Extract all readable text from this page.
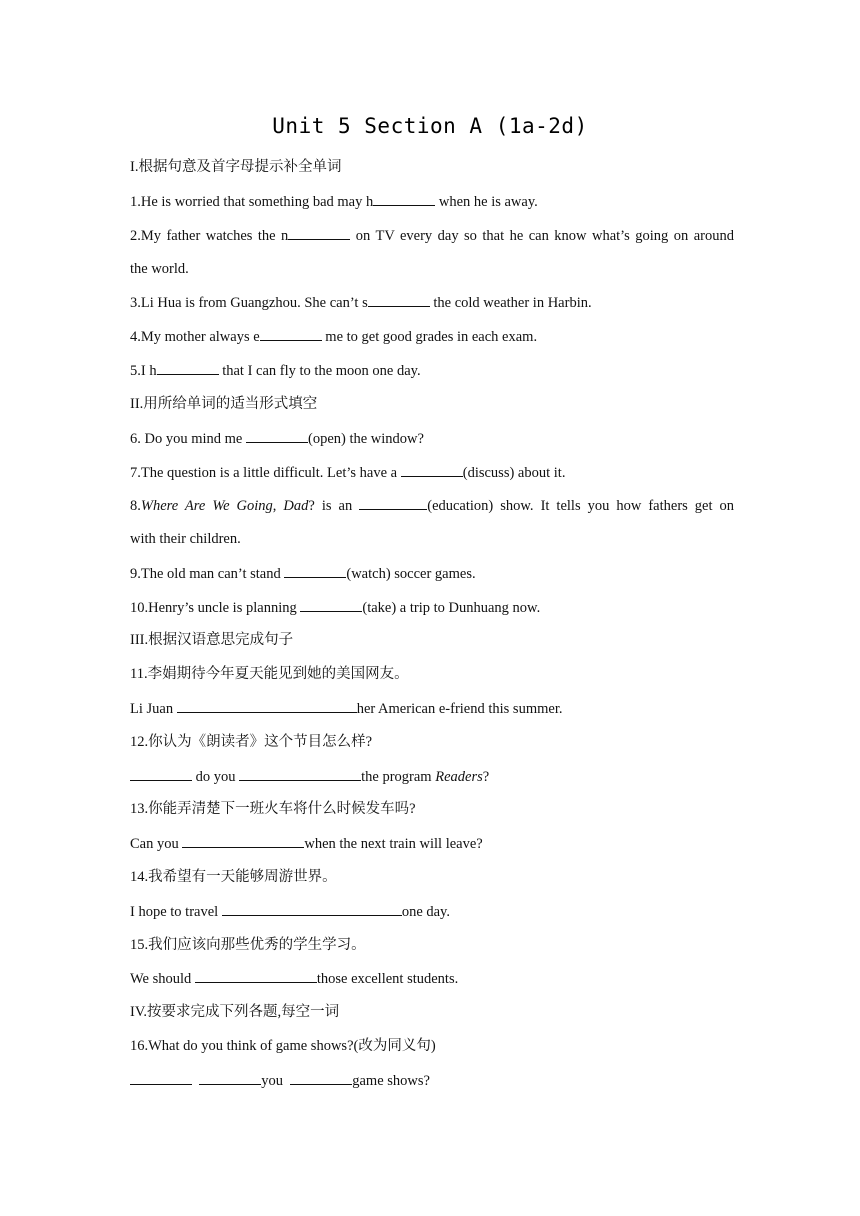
Unit 5 Section A (1a-2d)
I.根据句意及首字母提示补全单词
1.He is worried that something bad may h	when he is away.
2.My father watches the n	on TV every day so that he can know what’s going on around
the world.
3.Li Hua is from Guangzhou. She can’t s	the cold weather in Harbin.
4.My mother always e	me to get good grades in each exam.
5.I h	that I can fly to the moon one day.
II.用所给单词的适当形式填空
6. Do you mind me	(open) the window?
7.The question is a little difficult. Let’s have a	(discuss) about it.
8.Where Are We Going, Dad? is an	(education) show. It tells you how fathers get on
with their children.
9.The old man can’t stand	(watch) soccer games.
10.Henry’s uncle is planning	(take) a trip to Dunhuang now.
III.根据汉语意思完成句子
11.李娟期待今年夏天能见到她的美国网友。
Li Juan	her American e-friend this summer.
12.你认为《朗读者》这个节目怎么样?
do you	the program Readers?
13.你能弄清楚下一班火车将什么时候发车吗?
Can you	when the next train will leave?
14.我希望有一天能够周游世界。
I hope to travel	one day.
15.我们应该向那些优秀的学生学习。
We should	those excellent students.
IV.按要求完成下列各题,每空一词
16.What do you think of game shows?(改为同义句)
you	game shows?
